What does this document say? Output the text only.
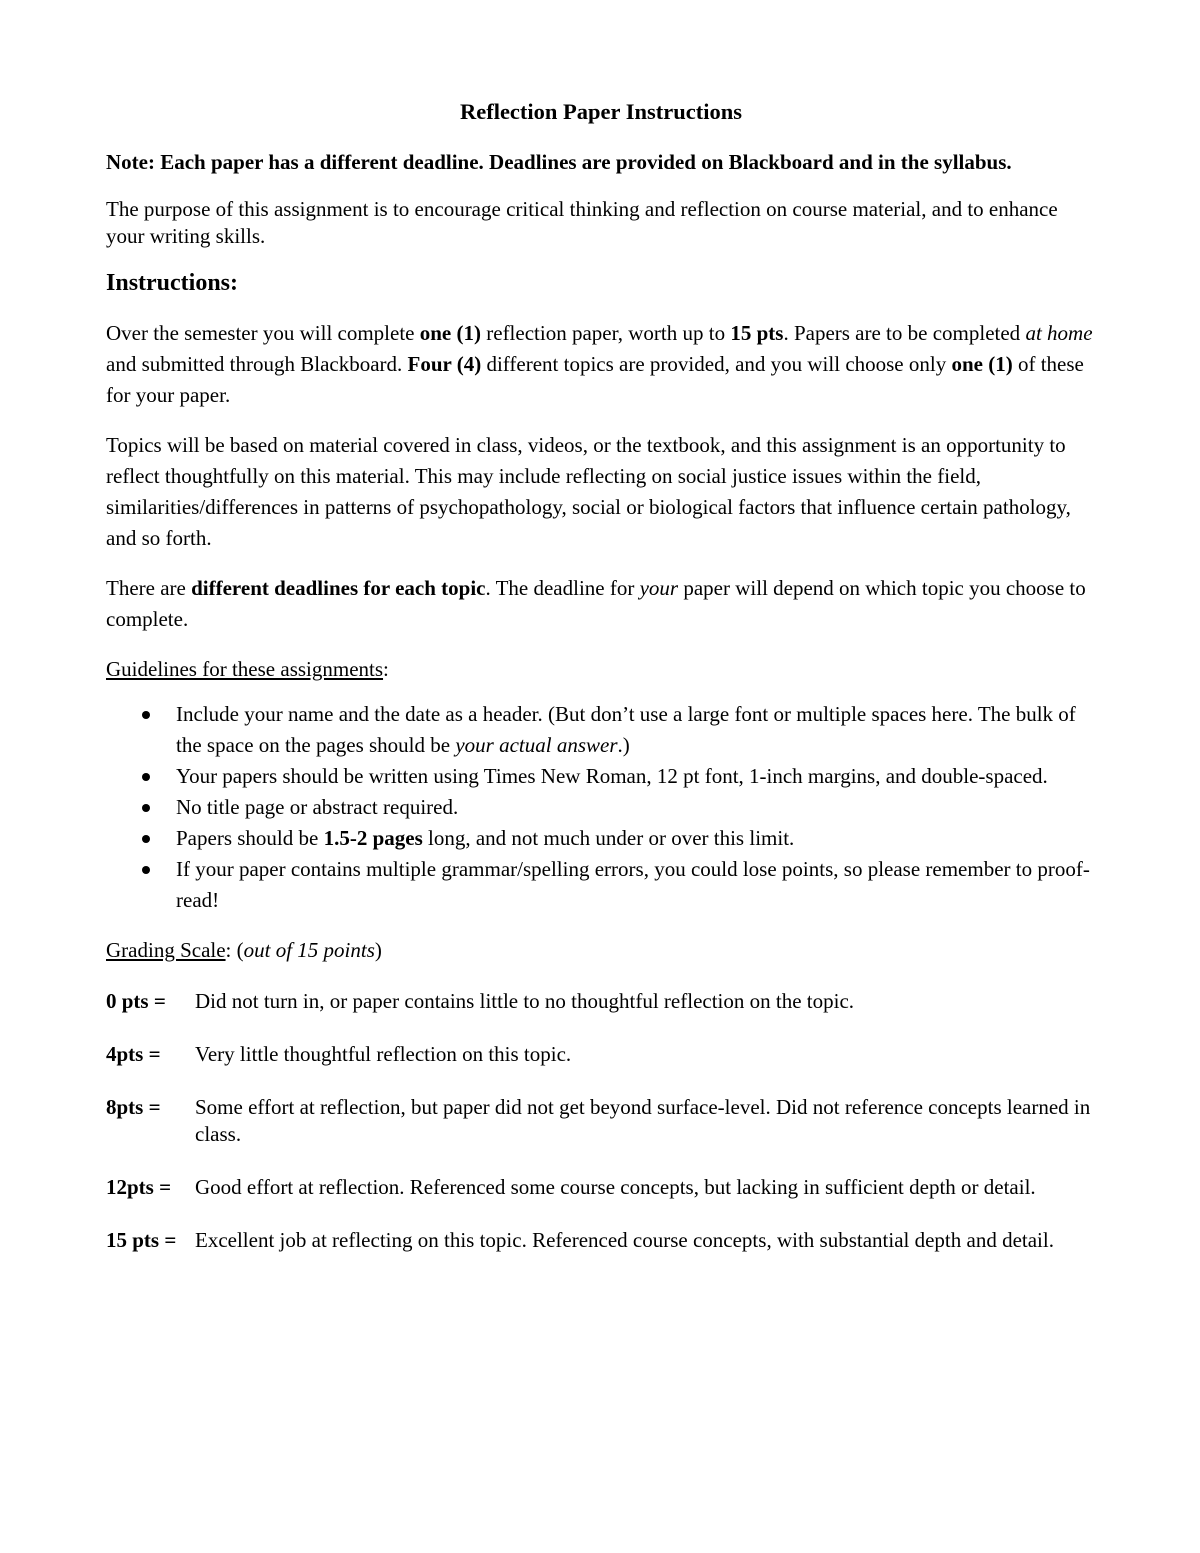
Reflection Paper Instructions

Note: Each paper has a different deadline. Deadlines are provided on Blackboard and in the syllabus.

The purpose of this assignment is to encourage critical thinking and reflection on course material, and to enhance your writing skills.

Instructions:

Over the semester you will complete one (1) reflection paper, worth up to 15 pts. Papers are to be completed at home and submitted through Blackboard. Four (4) different topics are provided, and you will choose only one (1) of these for your paper.

Topics will be based on material covered in class, videos, or the textbook, and this assignment is an opportunity to reflect thoughtfully on this material. This may include reflecting on social justice issues within the field, similarities/differences in patterns of psychopathology, social or biological factors that influence certain pathology, and so forth.

There are different deadlines for each topic. The deadline for your paper will depend on which topic you choose to complete.

Guidelines for these assignments:

Include your name and the date as a header. (But don’t use a large font or multiple spaces here. The bulk of the space on the pages should be your actual answer.)
Your papers should be written using Times New Roman, 12 pt font, 1-inch margins, and double-spaced.
No title page or abstract required.
Papers should be 1.5-2 pages long, and not much under or over this limit.
If your paper contains multiple grammar/spelling errors, you could lose points, so please remember to proof-read!

Grading Scale: (out of 15 points)

0 pts =	Did not turn in, or paper contains little to no thoughtful reflection on the topic.
4pts =	Very little thoughtful reflection on this topic.
8pts =	Some effort at reflection, but paper did not get beyond surface-level. Did not reference concepts learned in class.
12pts =	Good effort at reflection. Referenced some course concepts, but lacking in sufficient depth or detail.
15 pts = Excellent job at reflecting on this topic. Referenced course concepts, with substantial depth and detail.
